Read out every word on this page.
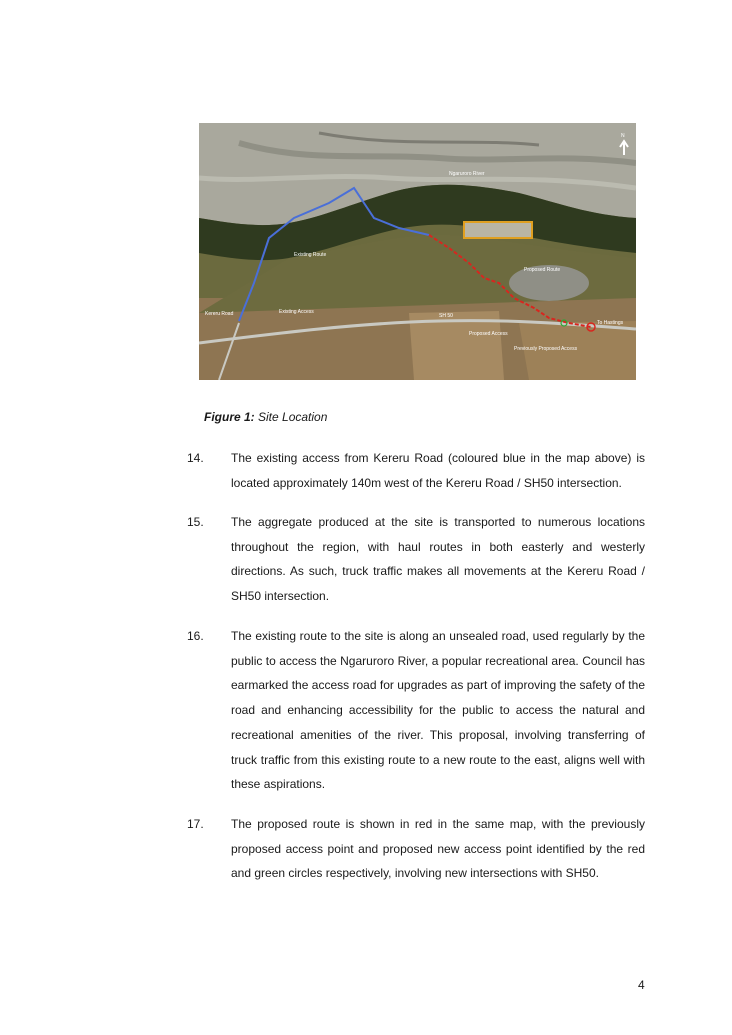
N
Ngaruroro River
Existing Route
Existing Access
Kereru Road	SH 50
Proposed Route
Proposed Access
Previously Proposed Access
To Hastings
Figure 1: Site Location
14. The existing access from Kereru Road (coloured blue in the map above) is located approximately 140m west of the Kereru Road / SH50 intersection.
15. The aggregate produced at the site is transported to numerous locations throughout the region, with haul routes in both easterly and westerly directions. As such, truck traffic makes all movements at the Kereru Road / SH50 intersection.
16. The existing route to the site is along an unsealed road, used regularly by the public to access the Ngaruroro River, a popular recreational area. Council has earmarked the access road for upgrades as part of improving the safety of the road and enhancing accessibility for the public to access the natural and recreational amenities of the river. This proposal, involving transferring of truck traffic from this existing route to a new route to the east, aligns well with these aspirations.
17. The proposed route is shown in red in the same map, with the previously proposed access point and proposed new access point identified by the red and green circles respectively, involving new intersections with SH50.
4
